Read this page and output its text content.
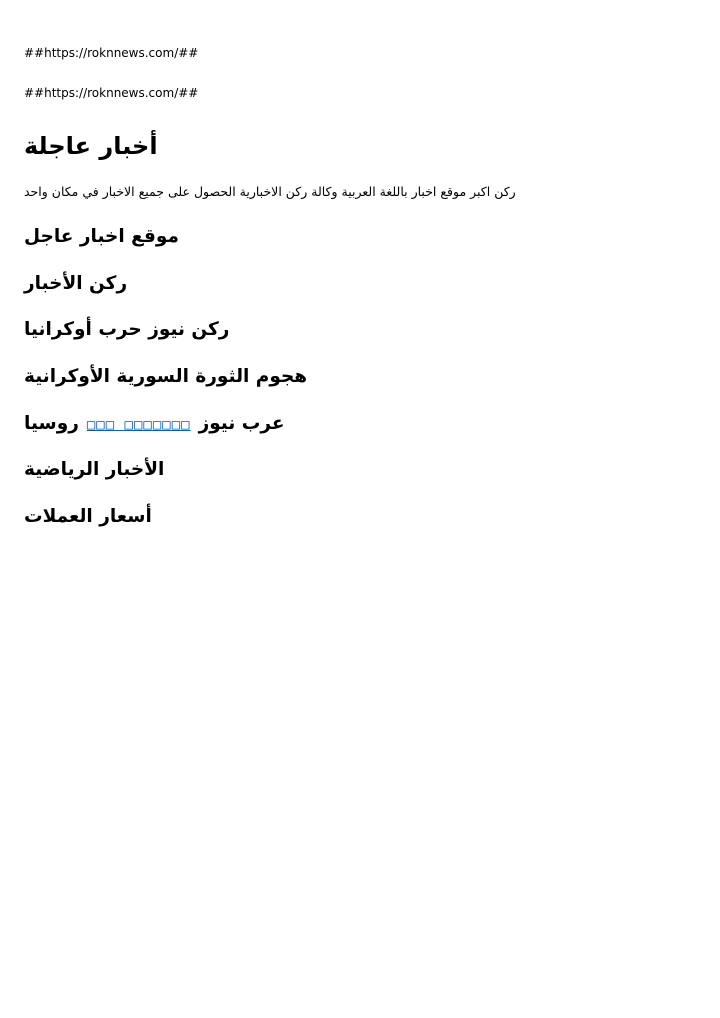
##https://roknnews.com/##

##https://roknnews.com/##

أخبار عاجلة

ركن اكبر موقع اخبار باللغة العربية وكالة ركن الاخبارية الحصول على جميع الاخبار في مكان واحد

موقع اخبار عاجل
ركن الأخبار
ركن نيوز حرب أوكرانيا
هجوم الثورة السورية الأوكرانية
روسيا □□□ □□□□□□□ عرب نيوز
الأخبار الرياضية
أسعار العملات
